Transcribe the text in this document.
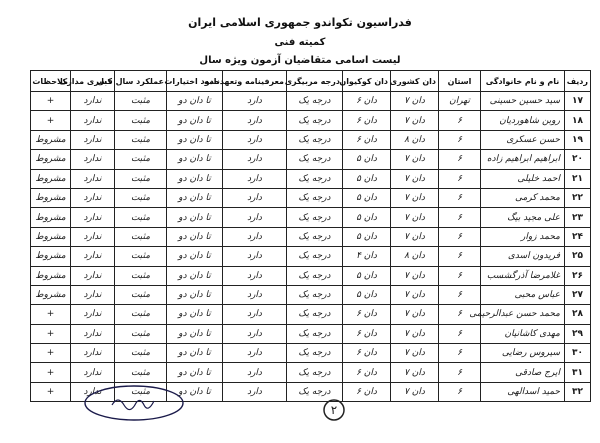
فدراسیون تکواندو جمهوری اسلامی ایران
کمیته فنی
لیست اسامی متقاضیان آزمون ویژه سال
ردیف	نام و نام خانوادگی	استان	دان کشوری	دان کوکیوان	درجه مربیگری	معرفینامه وتعهدنامه	حدود اختیارات	عملکرد سال قبل	کسری مدارک	ملاحظات
۱۷	سید حسین حسینی	تهران	دان ۷	دان ۶	درجه یک	دارد	تا دان دو	مثبت	ندارد	+
۱۸	روبن شاهوردیان	۶	دان ۷	دان ۶	درجه یک	دارد	تا دان دو	مثبت	ندارد	+
۱۹	حسن عسکری	۶	دان ۸	دان ۶	درجه یک	دارد	تا دان دو	مثبت	ندارد	مشروط
۲۰	ابراهیم ابراهیم زاده	۶	دان ۷	دان ۵	درجه یک	دارد	تا دان دو	مثبت	ندارد	مشروط
۲۱	احمد خلیلی	۶	دان ۷	دان ۵	درجه یک	دارد	تا دان دو	مثبت	ندارد	مشروط
۲۲	محمد کرمی	۶	دان ۷	دان ۵	درجه یک	دارد	تا دان دو	مثبت	ندارد	مشروط
۲۳	علی مجید بیگ	۶	دان ۷	دان ۵	درجه یک	دارد	تا دان دو	مثبت	ندارد	مشروط
۲۴	محمد زوار	۶	دان ۷	دان ۵	درجه یک	دارد	تا دان دو	مثبت	ندارد	مشروط
۲۵	فریدون اسدی	۶	دان ۸	دان ۴	درجه یک	دارد	تا دان دو	مثبت	ندارد	مشروط
۲۶	غلامرضا آذرگشسب	۶	دان ۷	دان ۵	درجه یک	دارد	تا دان دو	مثبت	ندارد	مشروط
۲۷	عباس محبی	۶	دان ۷	دان ۵	درجه یک	دارد	تا دان دو	مثبت	ندارد	مشروط
۲۸	محمد حسن عبدالرحیمی	۶	دان ۷	دان ۶	درجه یک	دارد	تا دان دو	مثبت	ندارد	+
۲۹	مهدی کاشانیان	۶	دان ۷	دان ۶	درجه یک	دارد	تا دان دو	مثبت	ندارد	+
۳۰	سیروس رضایی	۶	دان ۷	دان ۶	درجه یک	دارد	تا دان دو	مثبت	ندارد	+
۳۱	ایرج صادقی	۶	دان ۷	دان ۶	درجه یک	دارد	تا دان دو	مثبت	ندارد	+
۳۲	حمید اسدالهی	۶	دان ۷	دان ۶	درجه یک	دارد	تا دان دو	مثبت	ندارد	+
۲
